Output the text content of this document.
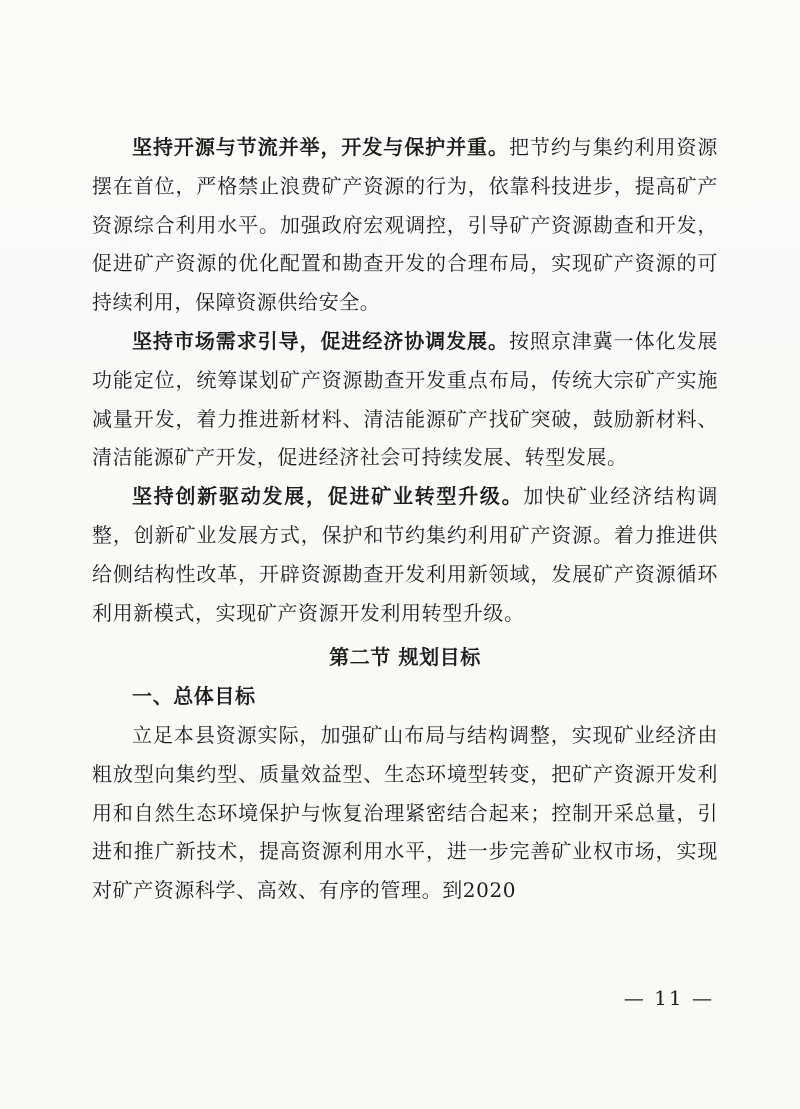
坚持开源与节流并举，开发与保护并重。把节约与集约利用资源摆在首位，严格禁止浪费矿产资源的行为，依靠科技进步，提高矿产资源综合利用水平。加强政府宏观调控，引导矿产资源勘查和开发，促进矿产资源的优化配置和勘查开发的合理布局，实现矿产资源的可持续利用，保障资源供给安全。

坚持市场需求引导，促进经济协调发展。按照京津冀一体化发展功能定位，统筹谋划矿产资源勘查开发重点布局，传统大宗矿产实施减量开发，着力推进新材料、清洁能源矿产找矿突破，鼓励新材料、清洁能源矿产开发，促进经济社会可持续发展、转型发展。

坚持创新驱动发展，促进矿业转型升级。加快矿业经济结构调整，创新矿业发展方式，保护和节约集约利用矿产资源。着力推进供给侧结构性改革，开辟资源勘查开发利用新领域，发展矿产资源循环利用新模式，实现矿产资源开发利用转型升级。

第二节 规划目标
一、总体目标

立足本县资源实际，加强矿山布局与结构调整，实现矿业经济由粗放型向集约型、质量效益型、生态环境型转变，把矿产资源开发利用和自然生态环境保护与恢复治理紧密结合起来；控制开采总量，引进和推广新技术，提高资源利用水平，进一步完善矿业权市场，实现对矿产资源科学、高效、有序的管理。到2020

— 11 —
